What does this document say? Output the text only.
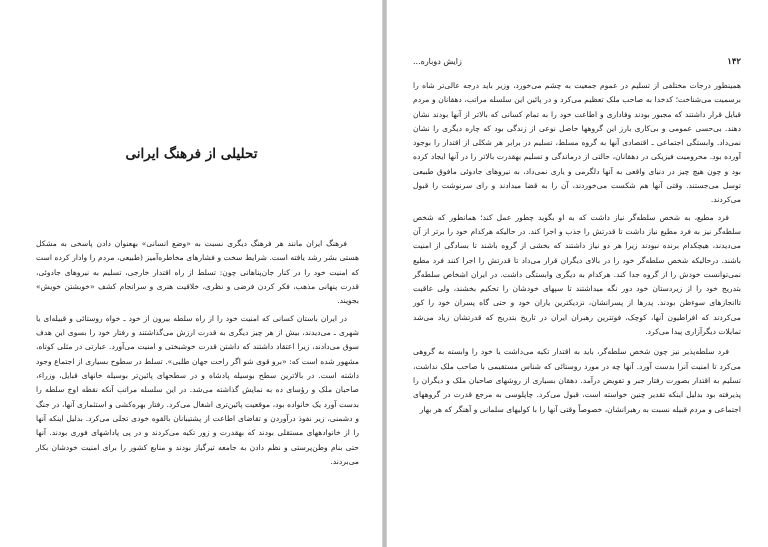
تحلیلی از فرهنگ ایرانی

فرهنگ ایران مانند هر فرهنگ دیگری نسبت به «وضع انسانی» بهعنوان دادن پاسخی به مشکل هستی بشر رشد یافته است. شرایط سخت و فشارهای مخاطره‌آمیز (طبیعی، مردم را وادار کرده است که امنیت خود را در کنار جان‌پناهانی چون: تسلط از راه اقتدار خارجی، تسلیم به نیروهای جادوئی، قدرت پنهانی مذهب، فکر کردن فرضی و نظری، خلاقیت هنری و سرانجام کشف «خویشتن خویش» بجویند.

در ایران باستان کسانی که امنیت خود را از راه سلطه بیرون از خود ـ خواه روستائی و قبیله‌ای یا شهری ـ می‌دیدند، بیش از هر چیز دیگری به قدرت ارزش می‌گذاشتند و رفتار خود را بسوی این هدف سوق می‌دادند، زیرا اعتقاد داشتند که داشتن قدرت خوشبختی و امنیت می‌آورد. عبارتی در مثلی کوتاه، مشهور شده است که: «برو قوی شو اگر راحت جهان طلبی». تسلط در سطوح بسیاری از اجتماع وجود داشته است. در بالاترین سطح بوسیله پادشاه و در سطحهای پائین‌تر بوسیله خانهای قبایل، وزراء، صاحبان ملک و رؤسای ده به نمایش گذاشته می‌شد. در این سلسله مراتب آنکه نقطه اوج سلطه را بدست آورد یک خانواده بود، موقعیت پائین‌تری اشغال می‌کرد. رفتار بهره‌کشی و استثماری آنها، در جنگ و دشمنی، زیر نفوذ درآوردن و تقاضای اطاعت از پشتیبانان بالقوه خودی تجلی می‌کرد. بدلیل اینکه آنها را از خانوادههای مستقلی بودند که بهقدرت و زور تکیه می‌کردند و در پی پاداشهای فوری بودند. آنها حتی بنام وطن‌پرستی و نظم دادن به جامعه تیرگیاز بودند و منابع کشور را برای امنیت خودشان بکار می‌بردند.

۱۴۲
زایش دوباره...

همینطور درجات مختلفی از تسلیم در عموم جمعیت به چشم می‌خورد، وزیر باید درجه عالی‌تر شاه را برسمیت می‌شناخت؛ کدخدا به صاحب ملک تعظیم می‌کرد و در پائین این سلسله مراتب، دهقانان و مردم قبایل قرار داشتند که مجبور بودند وفاداری و اطاعت خود را به تمام کسانی که بالاتر از آنها بودند نشان دهند. بی‌حسی عمومی و بی‌کاری بارز این گروهها حاصل نوعی از زندگی بود که چاره دیگری را نشان نمی‌داد. وابستگی اجتماعی ـ اقتصادی آنها به گروه مسلط، تسلیم در برابر هر شکلی از اقتدار را بوجود آورده بود. محرومیت فیزیکی در دهقانان، حالتی از درماندگی و تسلیم بهقدرت بالاتر را در آنها ایجاد کرده بود و چون هیچ چیز در دنیای واقعی به آنها دلگرمی و یاری نمی‌داد، به نیروهای جادوئی مافوق طبیعی توسل می‌جستند. وقتی آنها هم شکست می‌خوردند، آن را به قضا میدادند و رای سرنوشت را قبول می‌کردند.

فرد مطیع، به شخص سلطه‌گر نیاز داشت که به او بگوید چطور عمل کند؛ همانطور که شخص سلطه‌گر نیز به فرد مطیع نیاز داشت تا قدرتش را جذب و اجرا کند. در حالیکه هرکدام خود را برتر از آن می‌دیدند، هیچکدام برنده نبودند زیرا هر دو نیاز داشتند که بخشی از گروه باشند تا بسادگی از امنیت باشند. درحالیکه شخص سلطه‌گر خود را در بالای دیگران قرار می‌داد تا قدرتش را اجرا کنند فرد مطیع نمی‌توانست خودش را از گروه جدا کند. هرکدام به دیگری وابستگی داشت. در ایران اشخاص سلطه‌گر بتدریج خود را از زیردستان خود دور نگه میداشتند تا سپهای خودشان را تحکیم بخشند، ولی عاقبت تاانجازهای سوءظن بودند. پدرها از پسرانشان، نزدیکترین یاران خود و حتی گاه پسران خود را کور می‌کردند که افراطیون آنها، کوچک، فوتترین رهبران ایران در تاریخ بتدریج که قدرتشان زیاد می‌شد تمایلات دیگرآزاری پیدا می‌کرد.

فرد سلطه‌پذیر نیز چون شخص سلطه‌گر، باید به اقتدار تکیه می‌داشت یا خود را وابسته به گروهی می‌کرد تا امنیت آنرا بدست آورد. آنها چه در مورد روستائی که شناس مستقیمی با صاحب ملک نداشت، تسلیم به اقتدار بصورت رفتار جبر و تفویض درآمد. دهقان بسیاری از روشهای صاحبان ملک و دیگران را پذیرفته بود بدلیل اینکه تقدیر چنین خواسته است، قبول می‌کرد. چاپلوسی به مرجع قدرت در گروههای اجتماعی و مردم قبیله نسبت به رهبرانشان، خصوصاً وقتی آنها را با کولیهای سلمانی و آهنگر که هر بهار
